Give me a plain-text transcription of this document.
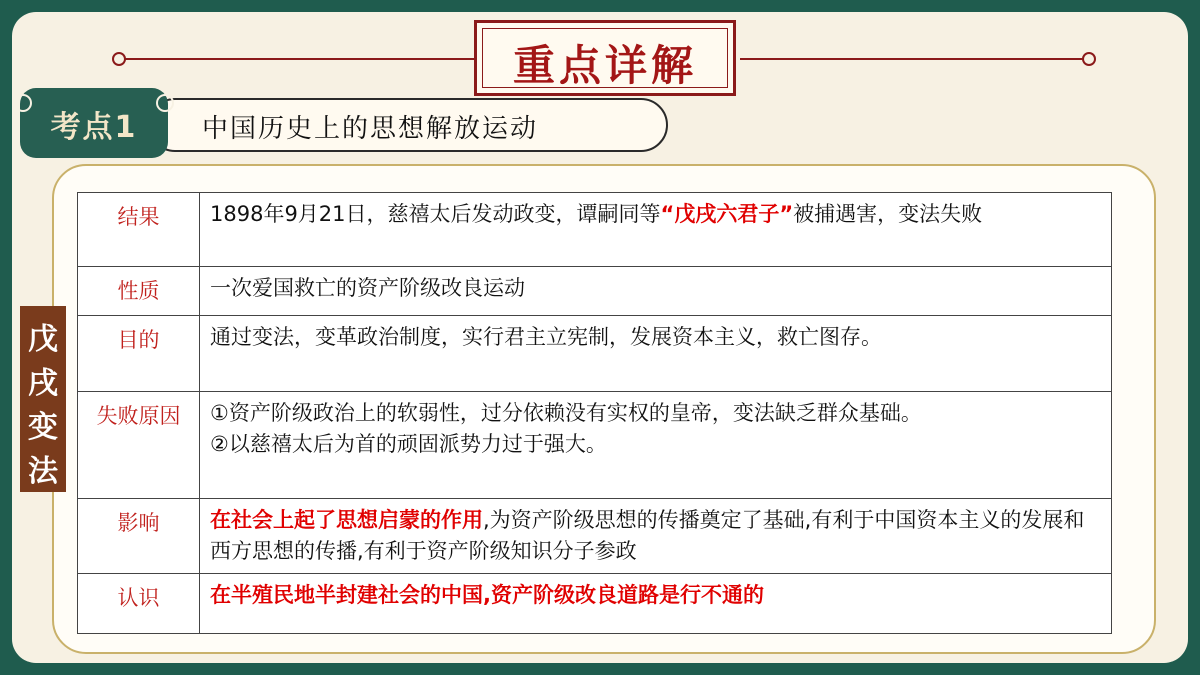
重点详解
中国历史上的思想解放运动
考点1
戊
戌
变
法
结果	1898年9月21日，慈禧太后发动政变，谭嗣同等“戊戌六君子”被捕遇害，变法失败
性质	一次爱国救亡的资产阶级改良运动
目的	通过变法，变革政治制度，实行君主立宪制，发展资本主义，救亡图存。
失败原因	①资产阶级政治上的软弱性，过分依赖没有实权的皇帝，变法缺乏群众基础。
②以慈禧太后为首的顽固派势力过于强大。

影响	在社会上起了思想启蒙的作用,为资产阶级思想的传播奠定了基础,有利于中国资本主义的发展和西方思想的传播,有利于资产阶级知识分子参政
认识	在半殖民地半封建社会的中国,资产阶级改良道路是行不通的
